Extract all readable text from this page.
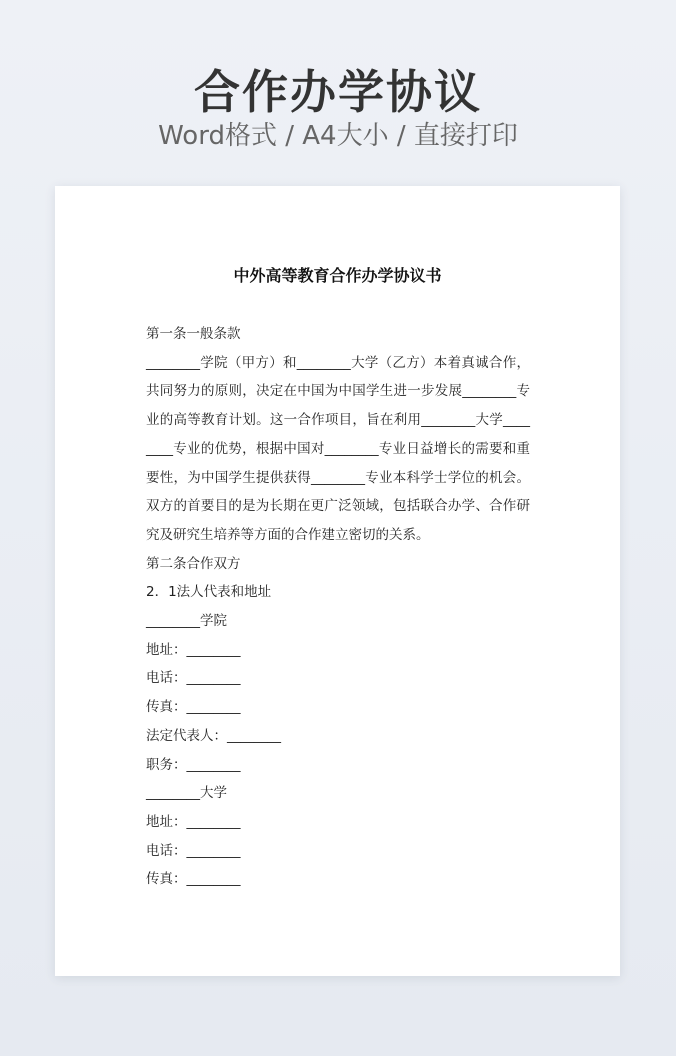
合作办学协议
Word格式 / A4大小 / 直接打印
中外高等教育合作办学协议书
第一条一般条款
________学院（甲方）和________大学（乙方）本着真诚合作，共同努力的原则，决定在中国为中国学生进一步发展________专业的高等教育计划。这一合作项目，旨在利用________大学________专业的优势，根据中国对________专业日益增长的需要和重要性，为中国学生提供获得________专业本科学士学位的机会。双方的首要目的是为长期在更广泛领域，包括联合办学、合作研究及研究生培养等方面的合作建立密切的关系。
第二条合作双方
2．1法人代表和地址
________学院
地址：________
电话：________
传真：________
法定代表人：________
职务：________
________大学
地址：________
电话：________
传真：________
